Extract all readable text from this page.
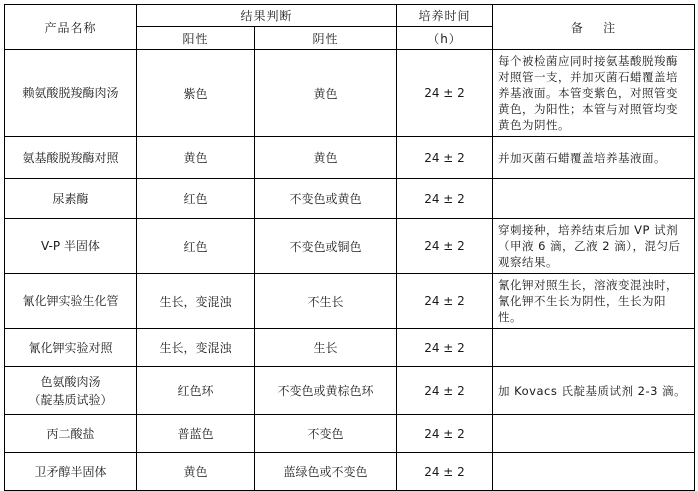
产品名称	结果判断		培养时间	备    注
	阳性	阴性	（h）	
赖氨酸脱羧酶肉汤	紫色	黄色	24 ± 2	每个被检菌应同时接氨基酸脱羧酶对照管一支，并加灭菌石蜡覆盖培养基液面。本管变紫色，对照管变黄色，为阳性；本管与对照管均变黄色为阴性。
氨基酸脱羧酶对照	黄色	黄色	24 ± 2	并加灭菌石蜡覆盖培养基液面。
尿素酶	红色	不变色或黄色	24 ± 2	
V-P 半固体	红色	不变色或铜色	24 ± 2	穿刺接种，培养结束后加 VP 试剂（甲液 6 滴，乙液 2 滴），混匀后观察结果。
氰化钾实验生化管	生长，变混浊	不生长	24 ± 2	氰化钾对照生长，溶液变混浊时，氰化钾不生长为阴性，生长为阳性。
氰化钾实验对照	生长，变混浊	生长	24 ± 2	

色氨酸肉汤
（靛基质试验）	红色环	不变色或黄棕色环	24 ± 2	加 Kovacs 氏靛基质试剂 2-3 滴。
丙二酸盐	普蓝色	不变色	24 ± 2	
卫矛醇半固体	黄色	蓝绿色或不变色	24 ± 2	
